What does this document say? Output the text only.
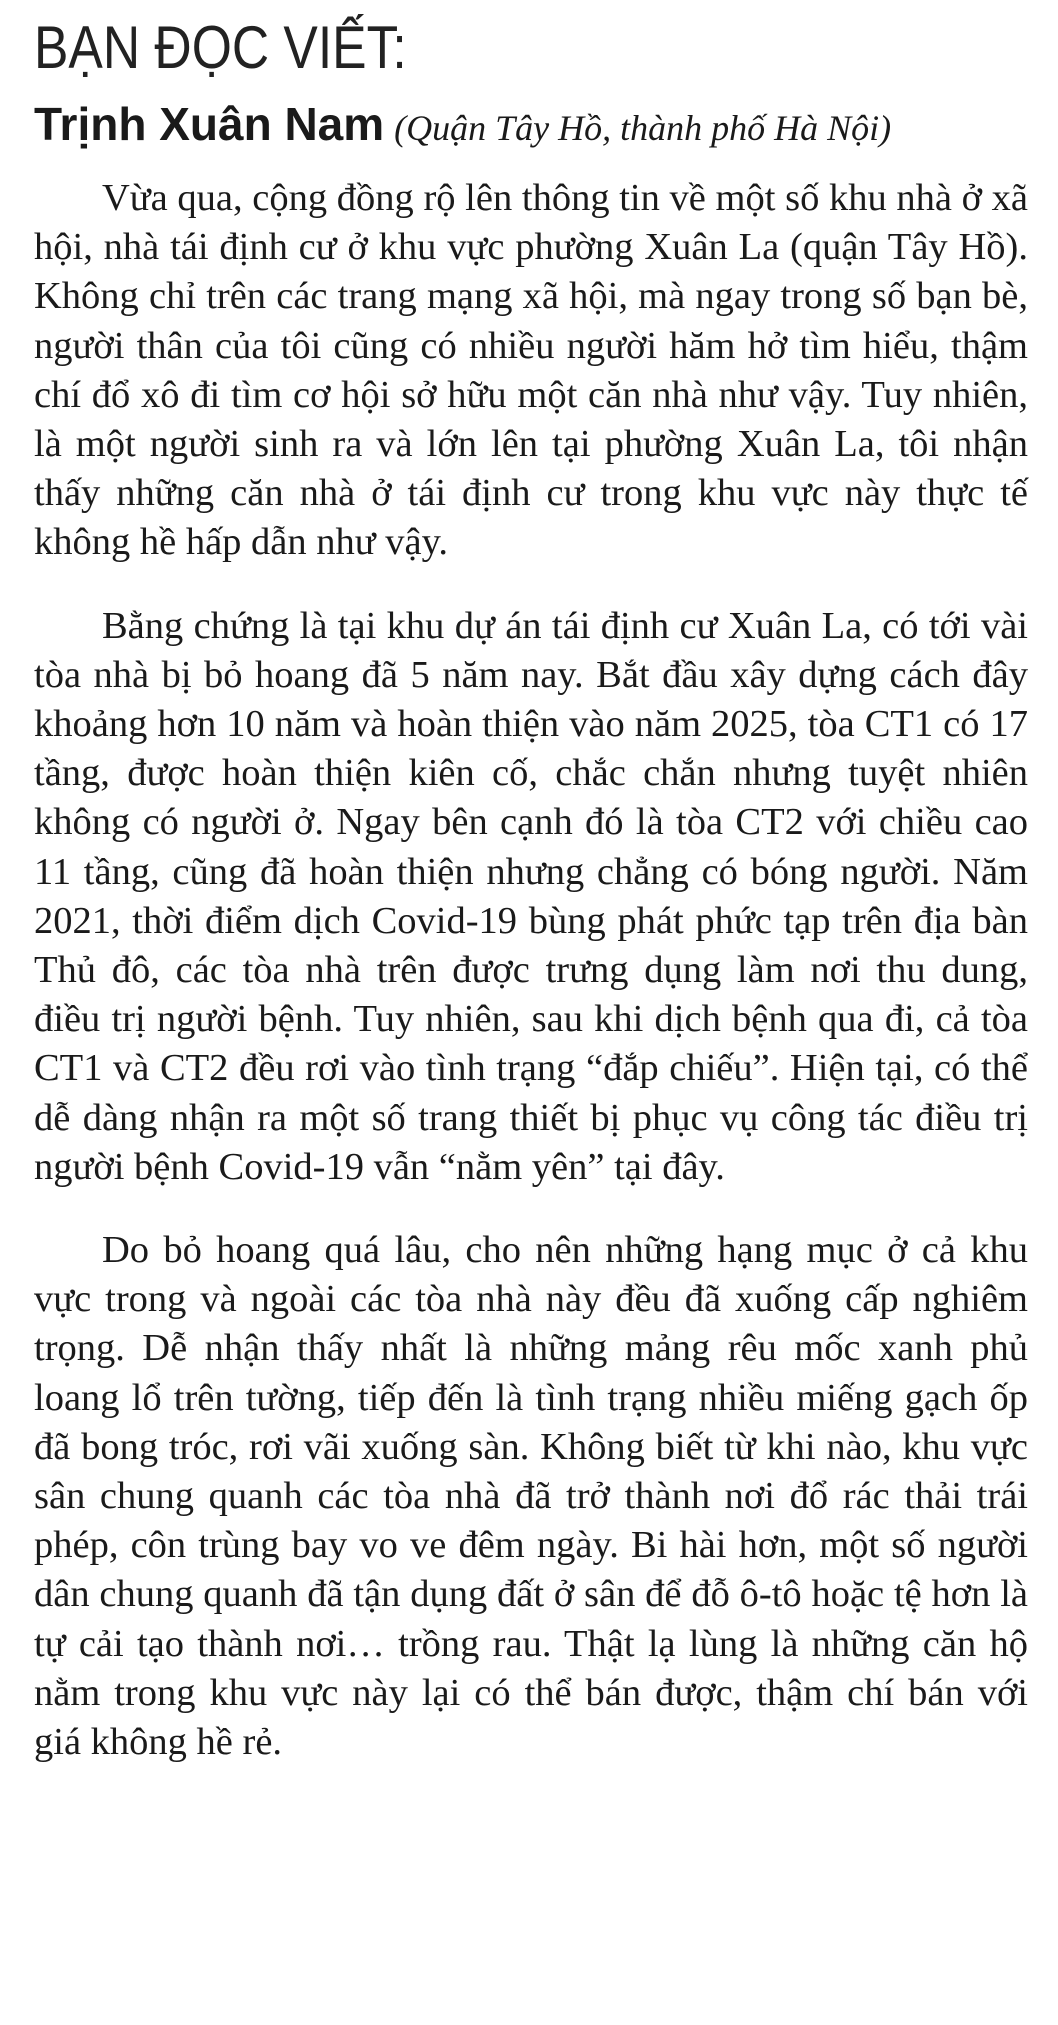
BẠN ĐỌC VIẾT:
Trịnh Xuân Nam (Quận Tây Hồ, thành phố Hà Nội)

Vừa qua, cộng đồng rộ lên thông tin về một số khu nhà ở xã hội, nhà tái định cư ở khu vực phường Xuân La (quận Tây Hồ). Không chỉ trên các trang mạng xã hội, mà ngay trong số bạn bè, người thân của tôi cũng có nhiều người hăm hở tìm hiểu, thậm chí đổ xô đi tìm cơ hội sở hữu một căn nhà như vậy. Tuy nhiên, là một người sinh ra và lớn lên tại phường Xuân La, tôi nhận thấy những căn nhà ở tái định cư trong khu vực này thực tế không hề hấp dẫn như vậy.

Bằng chứng là tại khu dự án tái định cư Xuân La, có tới vài tòa nhà bị bỏ hoang đã 5 năm nay. Bắt đầu xây dựng cách đây khoảng hơn 10 năm và hoàn thiện vào năm 2025, tòa CT1 có 17 tầng, được hoàn thiện kiên cố, chắc chắn nhưng tuyệt nhiên không có người ở. Ngay bên cạnh đó là tòa CT2 với chiều cao 11 tầng, cũng đã hoàn thiện nhưng chẳng có bóng người. Năm 2021, thời điểm dịch Covid-19 bùng phát phức tạp trên địa bàn Thủ đô, các tòa nhà trên được trưng dụng làm nơi thu dung, điều trị người bệnh. Tuy nhiên, sau khi dịch bệnh qua đi, cả tòa CT1 và CT2 đều rơi vào tình trạng “đắp chiếu”. Hiện tại, có thể dễ dàng nhận ra một số trang thiết bị phục vụ công tác điều trị người bệnh Covid-19 vẫn “nằm yên” tại đây.

Do bỏ hoang quá lâu, cho nên những hạng mục ở cả khu vực trong và ngoài các tòa nhà này đều đã xuống cấp nghiêm trọng. Dễ nhận thấy nhất là những mảng rêu mốc xanh phủ loang lổ trên tường, tiếp đến là tình trạng nhiều miếng gạch ốp đã bong tróc, rơi vãi xuống sàn. Không biết từ khi nào, khu vực sân chung quanh các tòa nhà đã trở thành nơi đổ rác thải trái phép, côn trùng bay vo ve đêm ngày. Bi hài hơn, một số người dân chung quanh đã tận dụng đất ở sân để đỗ ô-tô hoặc tệ hơn là tự cải tạo thành nơi… trồng rau. Thật lạ lùng là những căn hộ nằm trong khu vực này lại có thể bán được, thậm chí bán với giá không hề rẻ.
